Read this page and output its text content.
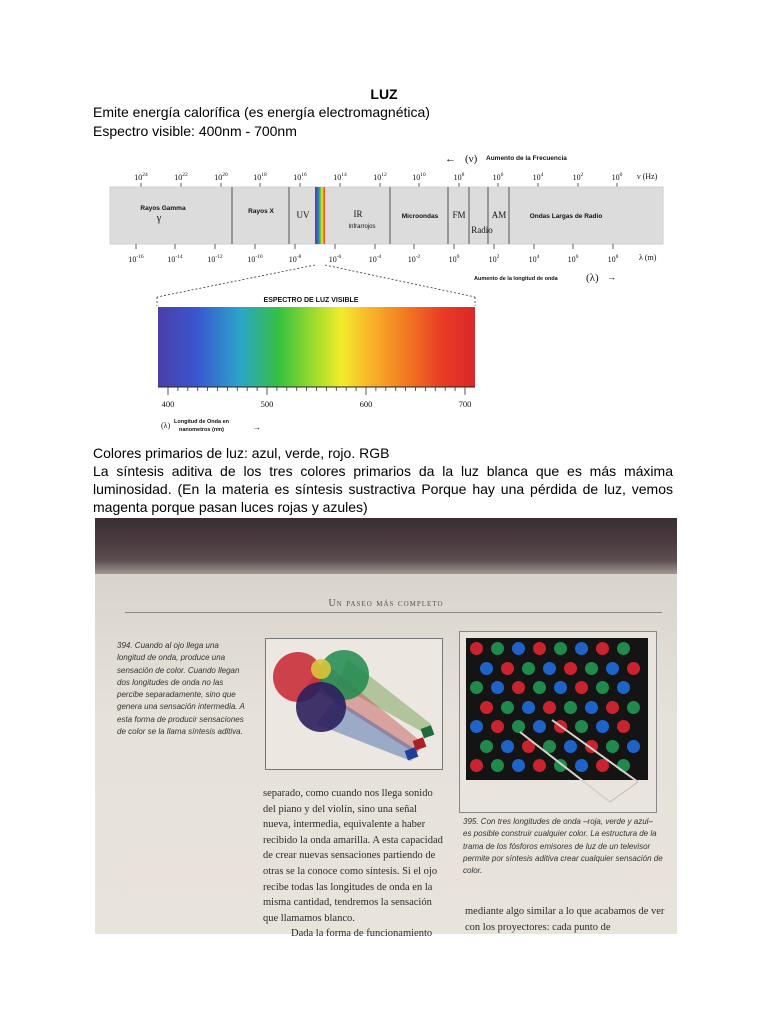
LUZ
Emite energía calorífica (es energía electromagnética)
Espectro visible: 400nm - 700nm
← (ν) Aumento de la Frecuencia
$10^{24}$	$10^{22}$	$10^{20}$	$10^{18}$	$10^{16}$	$10^{14}$	$10^{12}$	$10^{10}$	$10^8$	$10^6$	$10^4$	$10^2$	$10^0$ ν (Hz)
Rayos Gamma
γ
Rayos X	UV	IR
Infrarrojos
Microondas FM
Radio
AM	Ondas Largas de Radio
$10^{-16}$	$10^{-14}$	$10^{-12}$	$10^{-10}$	$10^{-8}$	$10^{-6}$	$10^{-4}$	$10^{-2}$	$10^0$	$10^2$	$10^4$	$10^6$	$10^8$	λ (m)
Aumento de la longitud de onda	(λ) →
ESPECTRO DE LUZ VISIBLE
400	500	600	700
(λ) Longitud de Onda en
nanometros (nm)	→
Colores primarios de luz: azul, verde, rojo. RGB
La síntesis aditiva de los tres colores primarios da la luz blanca que es más máxima luminosidad. (En la materia es síntesis sustractiva Porque hay una pérdida de luz, vemos magenta porque pasan luces rojas y azules)
Un paseo más completo
394. Cuando al ojo llega una longitud de onda, produce una sensación de color. Cuando llegan dos longitudes de onda no las percibe separadamente, sino que genera una sensación intermedia. A esta forma de producir sensaciones de color se la llama síntesis aditiva.
separado, como cuando nos llega sonido del piano y del violín, sino una señal nueva, intermedia, equivalente a haber recibido la onda amarilla. A esta capacidad de crear nuevas sensaciones partiendo de otras se la conoce como síntesis. Si el ojo recibe todas las longitudes de onda en la misma cantidad, tendremos la sensación que llamamos blanco.
Dada la forma de funcionamiento
395. Con tres longitudes de onda –roja, verde y azul– es posible construir cualquier color. La estructura de la trama de los fósforos emisores de luz de un televisor permite por síntesis aditiva crear cualquier sensación de color.
mediante algo similar a lo que acabamos de ver con los proyectores: cada punto de
